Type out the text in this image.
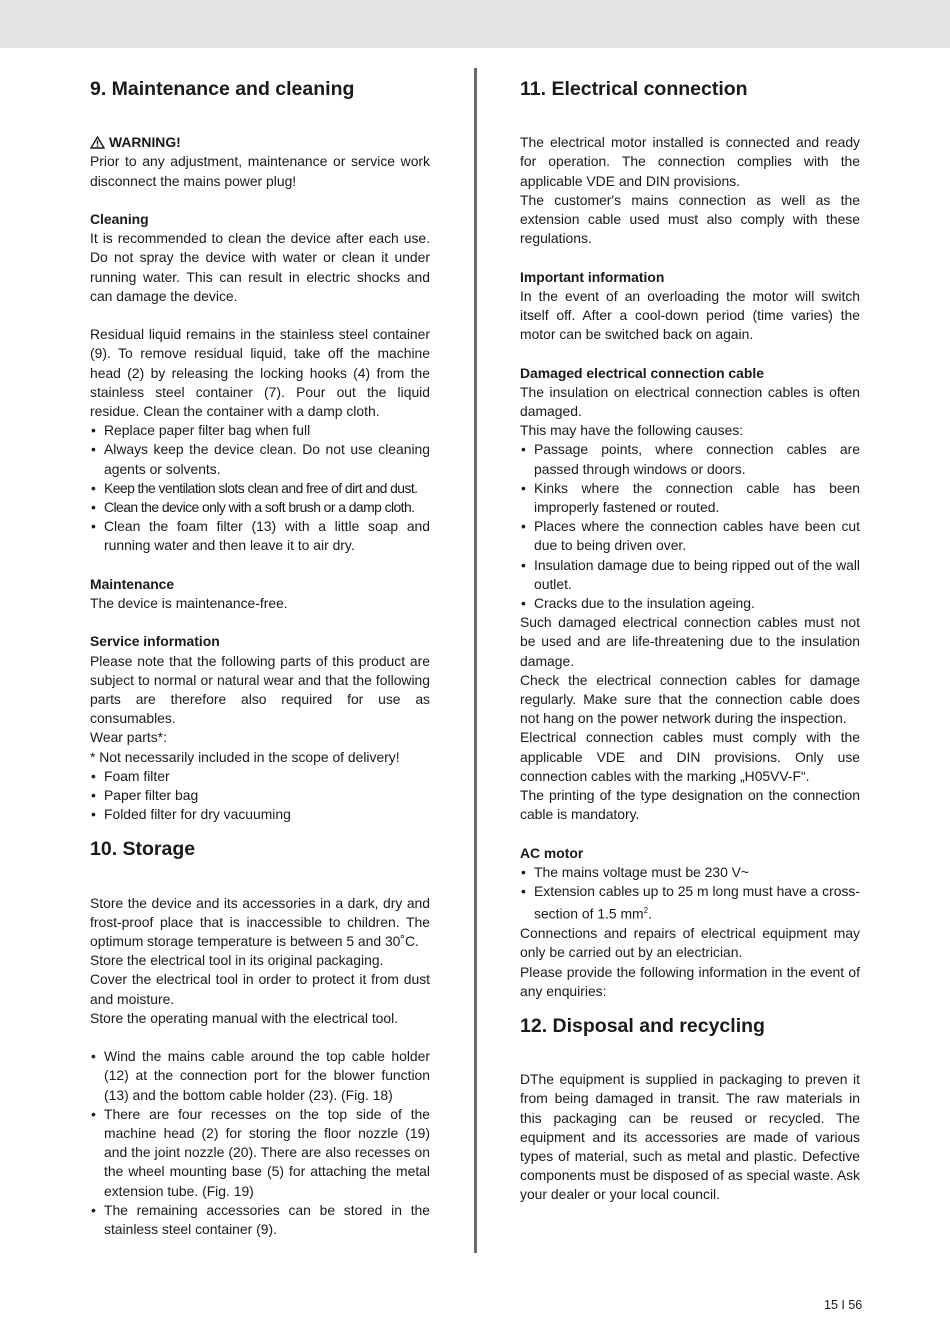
9. Maintenance and cleaning
WARNING!

Prior to any adjustment, maintenance or service work disconnect the mains power plug!

Cleaning

It is recommended to clean the device after each use. Do not spray the device with water or clean it under running water. This can result in electric shocks and can damage the device.

Residual liquid remains in the stainless steel container (9). To remove residual liquid, take off the machine head (2) by releasing the locking hooks (4) from the stainless steel container (7). Pour out the liquid residue. Clean the container with a damp cloth.

• Replace paper filter bag when full
• Always keep the device clean. Do not use cleaning agents or solvents.
• Keep the ventilation slots clean and free of dirt and dust.
• Clean the device only with a soft brush or a damp cloth.
• Clean the foam filter (13) with a little soap and running water and then leave it to air dry.
Maintenance

The device is maintenance-free.

Service information

Please note that the following parts of this product are subject to normal or natural wear and that the following parts are therefore also required for use as consumables.

Wear parts*:

* Not necessarily included in the scope of delivery!

• Foam filter
• Paper filter bag
• Folded filter for dry vacuuming
10. Storage

Store the device and its accessories in a dark, dry and frost-proof place that is inaccessible to children. The optimum storage temperature is between 5 and 30˚C.

Store the electrical tool in its original packaging.

Cover the electrical tool in order to protect it from dust and moisture.

Store the operating manual with the electrical tool.

• Wind the mains cable around the top cable holder (12) at the connection port for the blower function (13) and the bottom cable holder (23). (Fig. 18)
• There are four recesses on the top side of the machine head (2) for storing the floor nozzle (19) and the joint nozzle (20). There are also recesses on the wheel mounting base (5) for attaching the metal extension tube. (Fig. 19)
• The remaining accessories can be stored in the stainless steel container (9).
11. Electrical connection

The electrical motor installed is connected and ready for operation. The connection complies with the applicable VDE and DIN provisions.

The customer's mains connection as well as the extension cable used must also comply with these regulations.

Important information

In the event of an overloading the motor will switch itself off. After a cool-down period (time varies) the motor can be switched back on again.

Damaged electrical connection cable

The insulation on electrical connection cables is often damaged.

This may have the following causes:

• Passage points, where connection cables are passed through windows or doors.
• Kinks where the connection cable has been improperly fastened or routed.
• Places where the connection cables have been cut due to being driven over.
• Insulation damage due to being ripped out of the wall outlet.
• Cracks due to the insulation ageing.

Such damaged electrical connection cables must not be used and are life-threatening due to the insulation damage.

Check the electrical connection cables for damage regularly. Make sure that the connection cable does not hang on the power network during the inspection.

Electrical connection cables must comply with the applicable VDE and DIN provisions. Only use connection cables with the marking „H05VV-F“.

The printing of the type designation on the connection cable is mandatory.

AC motor
• The mains voltage must be 230 V~
• Extension cables up to 25 m long must have a cross-section of 1.5 $mm^2$.

Connections and repairs of electrical equipment may only be carried out by an electrician.

Please provide the following information in the event of any enquiries:

12. Disposal and recycling

DThe equipment is supplied in packaging to preven it from being damaged in transit. The raw materials in this packaging can be reused or recycled. The equipment and its accessories are made of various types of material, such as metal and plastic. Defective components must be disposed of as special waste. Ask your dealer or your local council.

15 I 56
